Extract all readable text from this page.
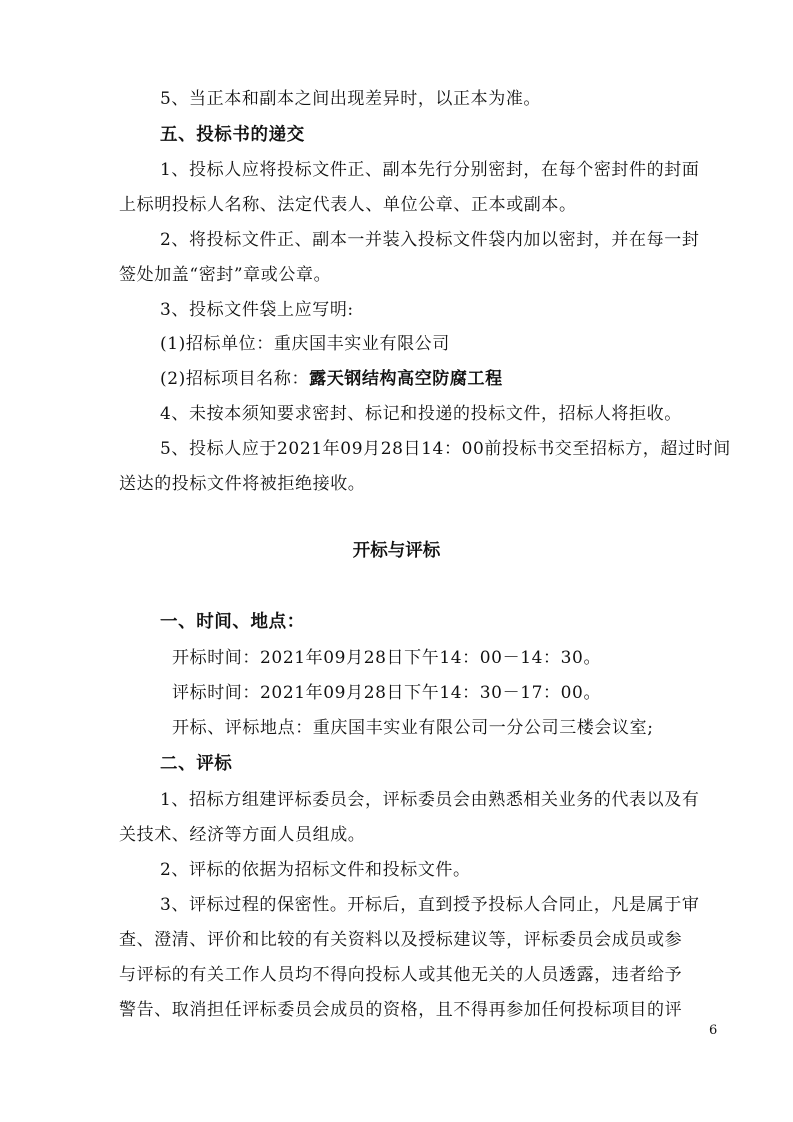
5、当正本和副本之间出现差异时，以正本为准。
五、投标书的递交
1、投标人应将投标文件正、副本先行分别密封，在每个密封件的封面
上标明投标人名称、法定代表人、单位公章、正本或副本。
2、将投标文件正、副本一并装入投标文件袋内加以密封，并在每一封
签处加盖“密封”章或公章。
3、投标文件袋上应写明:
(1)招标单位：重庆国丰实业有限公司
(2)招标项目名称：露天钢结构高空防腐工程
4、未按本须知要求密封、标记和投递的投标文件，招标人将拒收。
5、投标人应于2021年09月28日14：00前投标书交至招标方，超过时间
送达的投标文件将被拒绝接收。
开标与评标
一、时间、地点：
开标时间：2021年09月28日下午14：00－14：30。
评标时间：2021年09月28日下午14：30－17：00。
开标、评标地点：重庆国丰实业有限公司一分公司三楼会议室;
二、评标
1、招标方组建评标委员会，评标委员会由熟悉相关业务的代表以及有
关技术、经济等方面人员组成。
2、评标的依据为招标文件和投标文件。
3、评标过程的保密性。开标后，直到授予投标人合同止，凡是属于审
查、澄清、评价和比较的有关资料以及授标建议等，评标委员会成员或参
与评标的有关工作人员均不得向投标人或其他无关的人员透露，违者给予
警告、取消担任评标委员会成员的资格，且不得再参加任何投标项目的评
6
